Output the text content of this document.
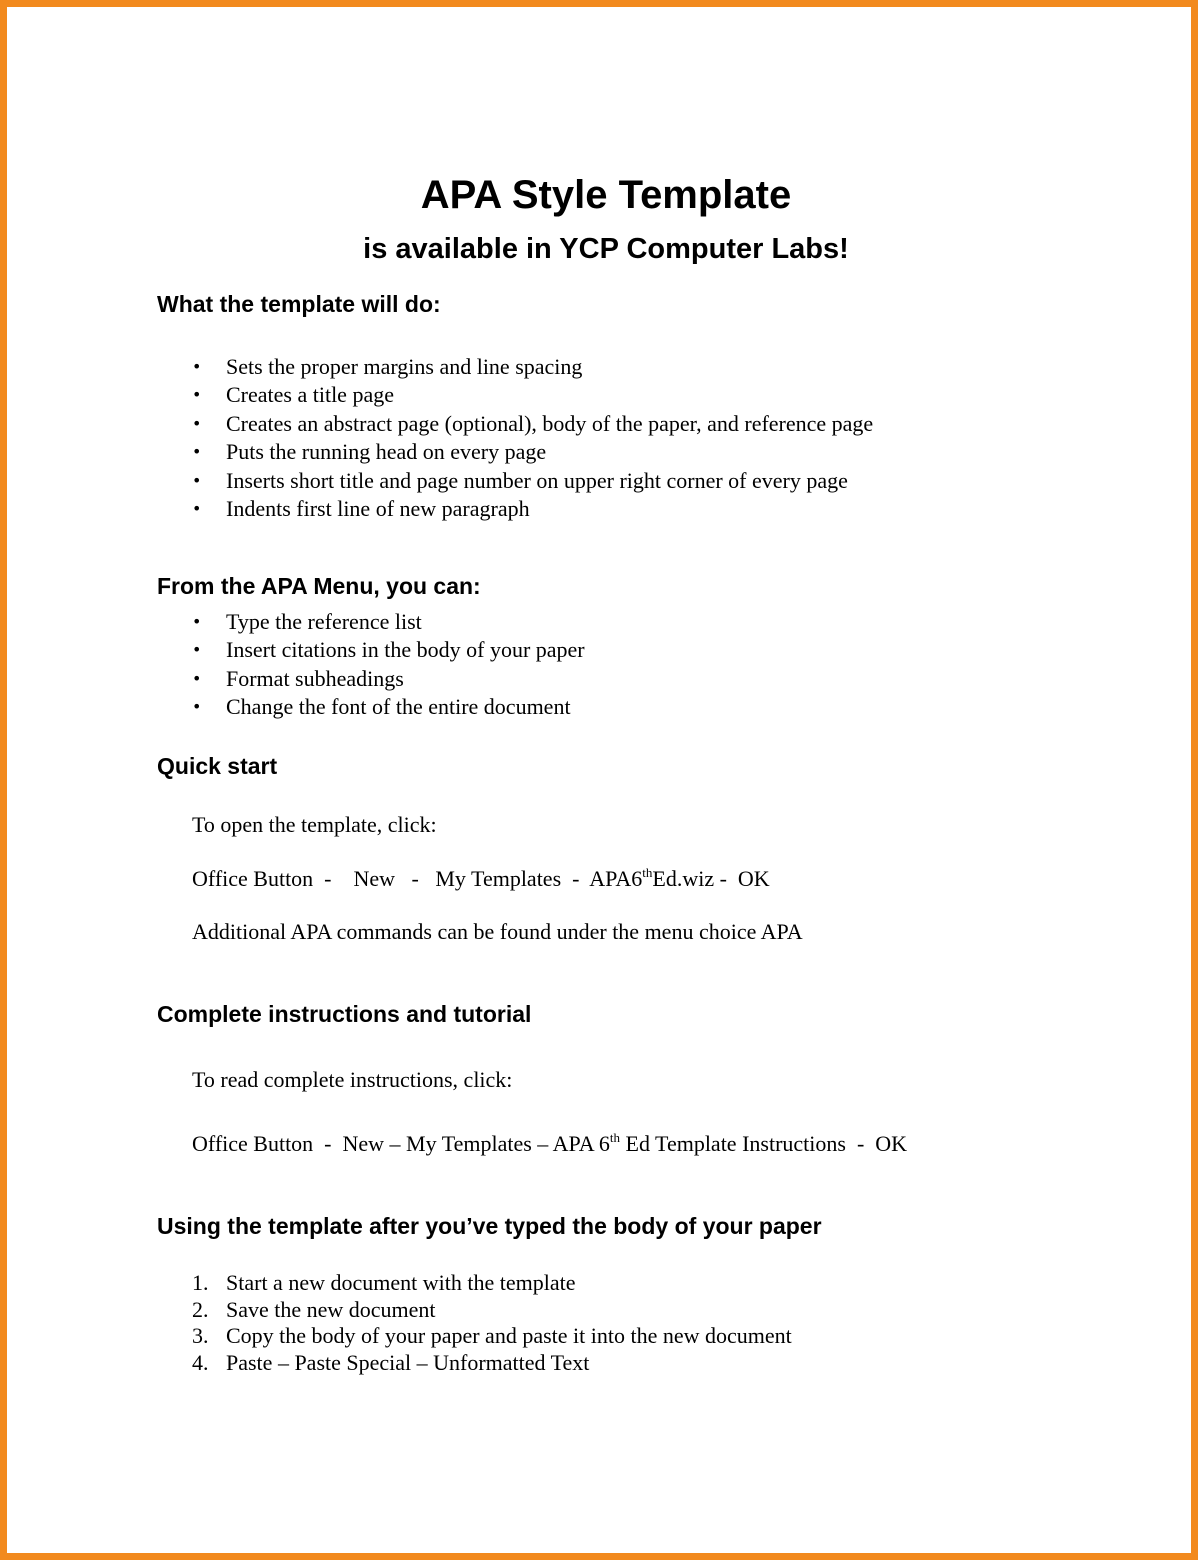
APA Style Template
is available in YCP Computer Labs!
What the template will do:
•	Sets the proper margins and line spacing
•	Creates a title page
•	Creates an abstract page (optional), body of the paper, and reference page
•	Puts the running head on every page
•	Inserts short title and page number on upper right corner of every page
•	Indents first line of new paragraph
From the APA Menu, you can:
•	Type the reference list
•	Insert citations in the body of your paper
•	Format subheadings
•	Change the font of the entire document
Quick start

To open the template, click:

Office Button  -    New   -   My Templates  -  APA6thEd.wiz -  OK

Additional APA commands can be found under the menu choice APA

Complete instructions and tutorial

To read complete instructions, click:

Office Button  -  New – My Templates – APA 6th Ed Template Instructions  -  OK

Using the template after you’ve typed the body of your paper
1. Start a new document with the template
2. Save the new document
3. Copy the body of your paper and paste it into the new document
4. Paste – Paste Special – Unformatted Text
